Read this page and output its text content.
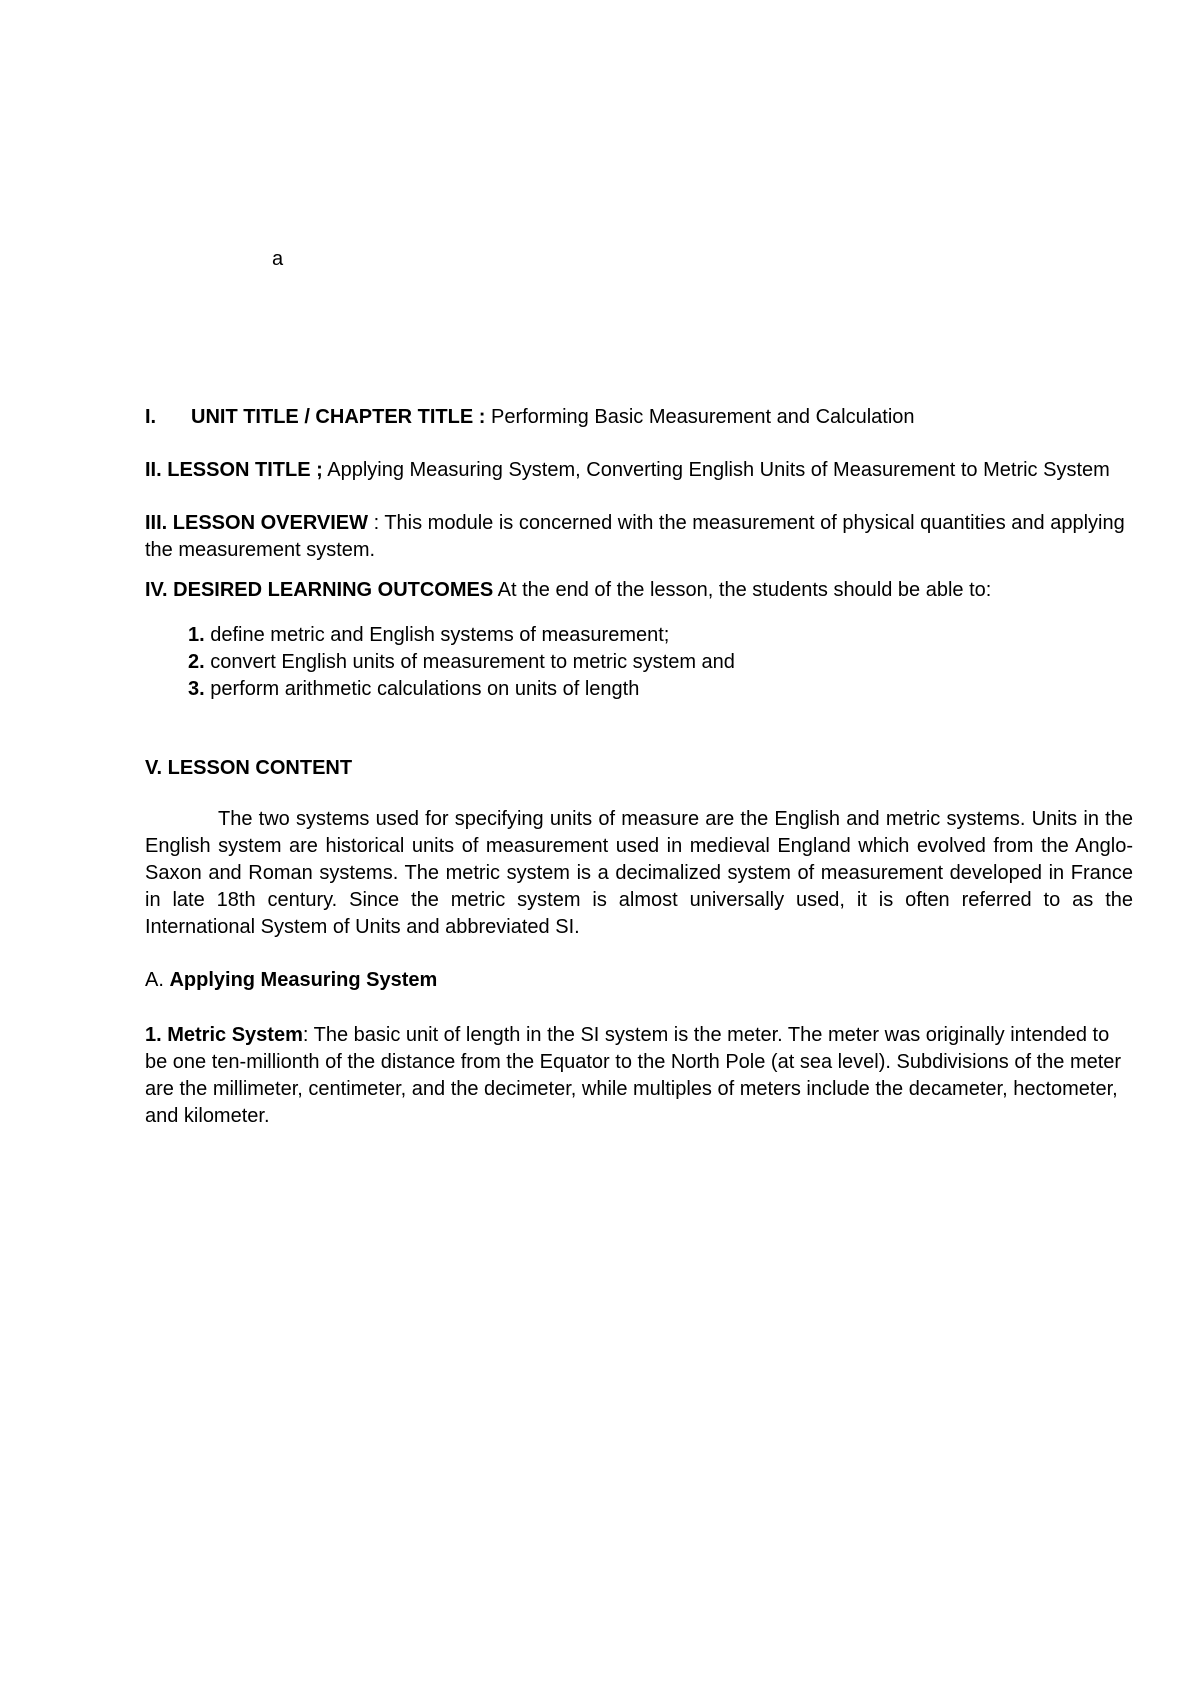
a

I. UNIT TITLE / CHAPTER TITLE : Performing Basic Measurement and Calculation

II. LESSON TITLE ; Applying Measuring System, Converting English Units of Measurement to Metric System

III. LESSON OVERVIEW : This module is concerned with the measurement of physical quantities and applying the measurement system.

IV. DESIRED LEARNING OUTCOMES At the end of the lesson, the students should be able to:

1. define metric and English systems of measurement;
2. convert English units of measurement to metric system and
3. perform arithmetic calculations on units of length

V. LESSON CONTENT

The two systems used for specifying units of measure are the English and metric systems. Units in the English system are historical units of measurement used in medieval England which evolved from the Anglo-Saxon and Roman systems. The metric system is a decimalized system of measurement developed in France in late 18th century. Since the metric system is almost universally used, it is often referred to as the International System of Units and abbreviated SI.

A. Applying Measuring System

1. Metric System: The basic unit of length in the SI system is the meter. The meter was originally intended to be one ten-millionth of the distance from the Equator to the North Pole (at sea level). Subdivisions of the meter are the millimeter, centimeter, and the decimeter, while multiples of meters include the decameter, hectometer, and kilometer.
